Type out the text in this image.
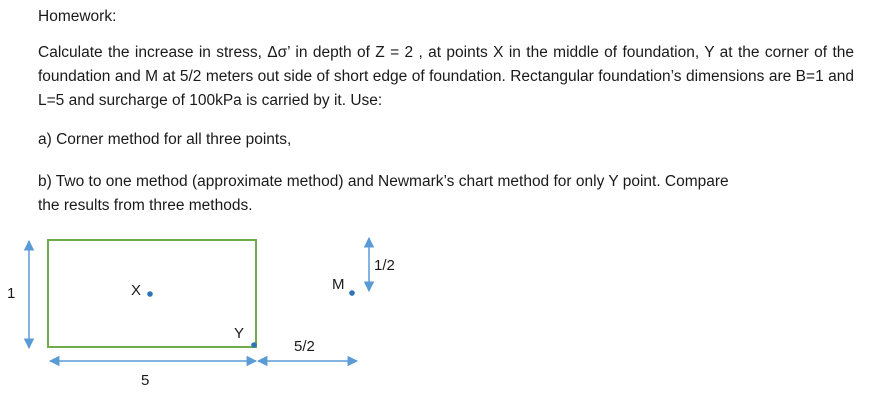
Homework:
Calculate the increase in stress, Δσ’ in depth of Z = 2 , at points X in the middle of foundation, Y at the corner of the foundation and M at 5/2 meters out side of short edge of foundation. Rectangular foundation’s dimensions are B=1 and L=5 and surcharge of 100kPa is carried by it. Use:
a) Corner method for all three points,
b) Two to one method (approximate method) and Newmark’s chart method for only Y point. Compare
the results from three methods.
1	X
Y
M
1/2
5/2
5
